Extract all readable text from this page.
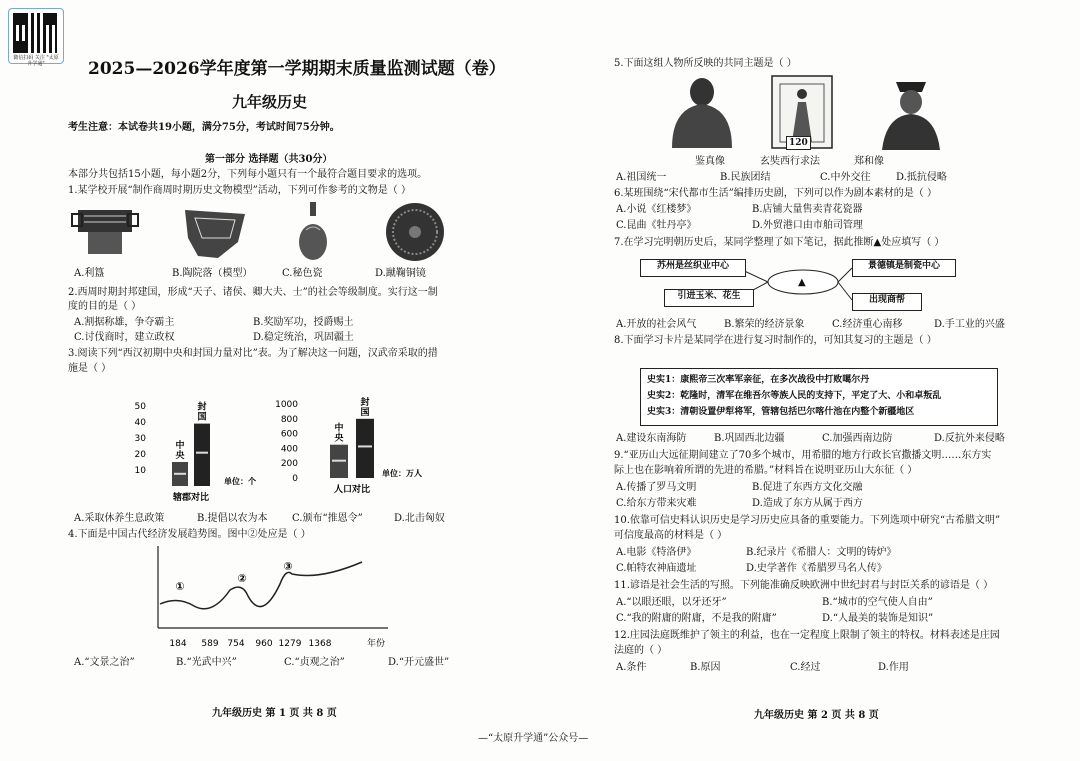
微信扫码 关注 "太原升学通"	2025—2026学年度第一学期期末质量监测试题（卷）
九年级历史
考生注意：本试卷共19小题，满分75分，考试时间75分钟。
第一部分 选择题（共30分）
本部分共包括15小题，每小题2分，下列每小题只有一个最符合题目要求的选项。
1.某学校开展“制作商周时期历史文物模型”活动，下列可作参考的文物是（ ）
A.利簋	B.陶院落（模型）	C.秘色瓷	D.蹴鞠铜镜
2.西周时期封邦建国，形成“天子、诸侯、卿大夫、士”的社会等级制度。实行这一制
度的目的是（ ）
A.割据称雄，争夺霸主	B.奖励军功，授爵赐土
C.讨伐商时，建立政权	D.稳定统治，巩固疆土
3.阅读下列“西汉初期中央和封国力量对比”表。为了解决这一问题，汉武帝采取的措
施是（ ）
50
40
30
20
10
中央
封国
辖郡对比
单位：个
1000
800
600
400
200
0
中央
封国
人口对比
单位：万人
A.采取休养生息政策	B.提倡以农为本 C.颁布“推恩令”	D.北击匈奴
4.下面是中国古代经济发展趋势图。图中②处应是（ ）
184 589 754 960 1279 1368	年份
①
②
③
A.“文景之治”	B.“光武中兴”	C.“贞观之治”	D.“开元盛世”
九年级历史 第 1 页 共 8 页
5.下面这组人物所反映的共同主题是（ ）
120
鉴真像	玄奘西行求法	郑和像
A.祖国统一	B.民族团结	C.中外交往	D.抵抗侵略
6.某班围绕“宋代都市生活”编排历史剧，下列可以作为剧本素材的是（ ）
A.小说《红楼梦》	B.店铺大量售卖青花瓷器
C.昆曲《牡丹亭》	D.外贸港口由市舶司管理
7.在学习完明朝历史后，某同学整理了如下笔记，据此推断▲处应填写（ ）
苏州是丝织业中心	景德镇是制瓷中心
引进玉米、花生	出现商帮
▲
A.开放的社会风气	B.繁荣的经济景象	C.经济重心南移	D.手工业的兴盛
8.下面学习卡片是某同学在进行复习时制作的，可知其复习的主题是（ ）
史实1：康熙帝三次率军亲征，在多次战役中打败噶尔丹
史实2：乾隆时，清军在维吾尔等族人民的支持下，平定了大、小和卓叛乱
史实3：清朝设置伊犁将军，管辖包括巴尔喀什池在内整个新疆地区
A.建设东南海防	B.巩固西北边疆	C.加强西南边防	D.反抗外来侵略
9.“亚历山大远征期间建立了70多个城市，用希腊的地方行政长官撒播文明……东方实
际上也在影响着所谓的先进的希腊。”材料旨在说明亚历山大东征（ ）
A.传播了罗马文明	B.促进了东西方文化交融
C.给东方带来灾难	D.造成了东方从属于西方
10.依靠可信史料认识历史是学习历史应具备的重要能力。下列选项中研究“古希腊文明”
可信度最高的材料是（ ）
A.电影《特洛伊》	B.纪录片《希腊人：文明的铸炉》
C.帕特农神庙遗址	D.史学著作《希腊罗马名人传》
11.谚语是社会生活的写照。下列能准确反映欧洲中世纪封君与封臣关系的谚语是（ ）
A.“以眼还眼，以牙还牙”	B.“城市的空气使人自由”
C.“我的附庸的附庸，不是我的附庸”	D.“人最美的装饰是知识”
12.庄园法庭既维护了领主的利益，也在一定程度上限制了领主的特权。材料表述是庄园
法庭的（ ）
A.条件	B.原因	C.经过	D.作用
九年级历史 第 2 页 共 8 页
—“太原升学通”公众号—
